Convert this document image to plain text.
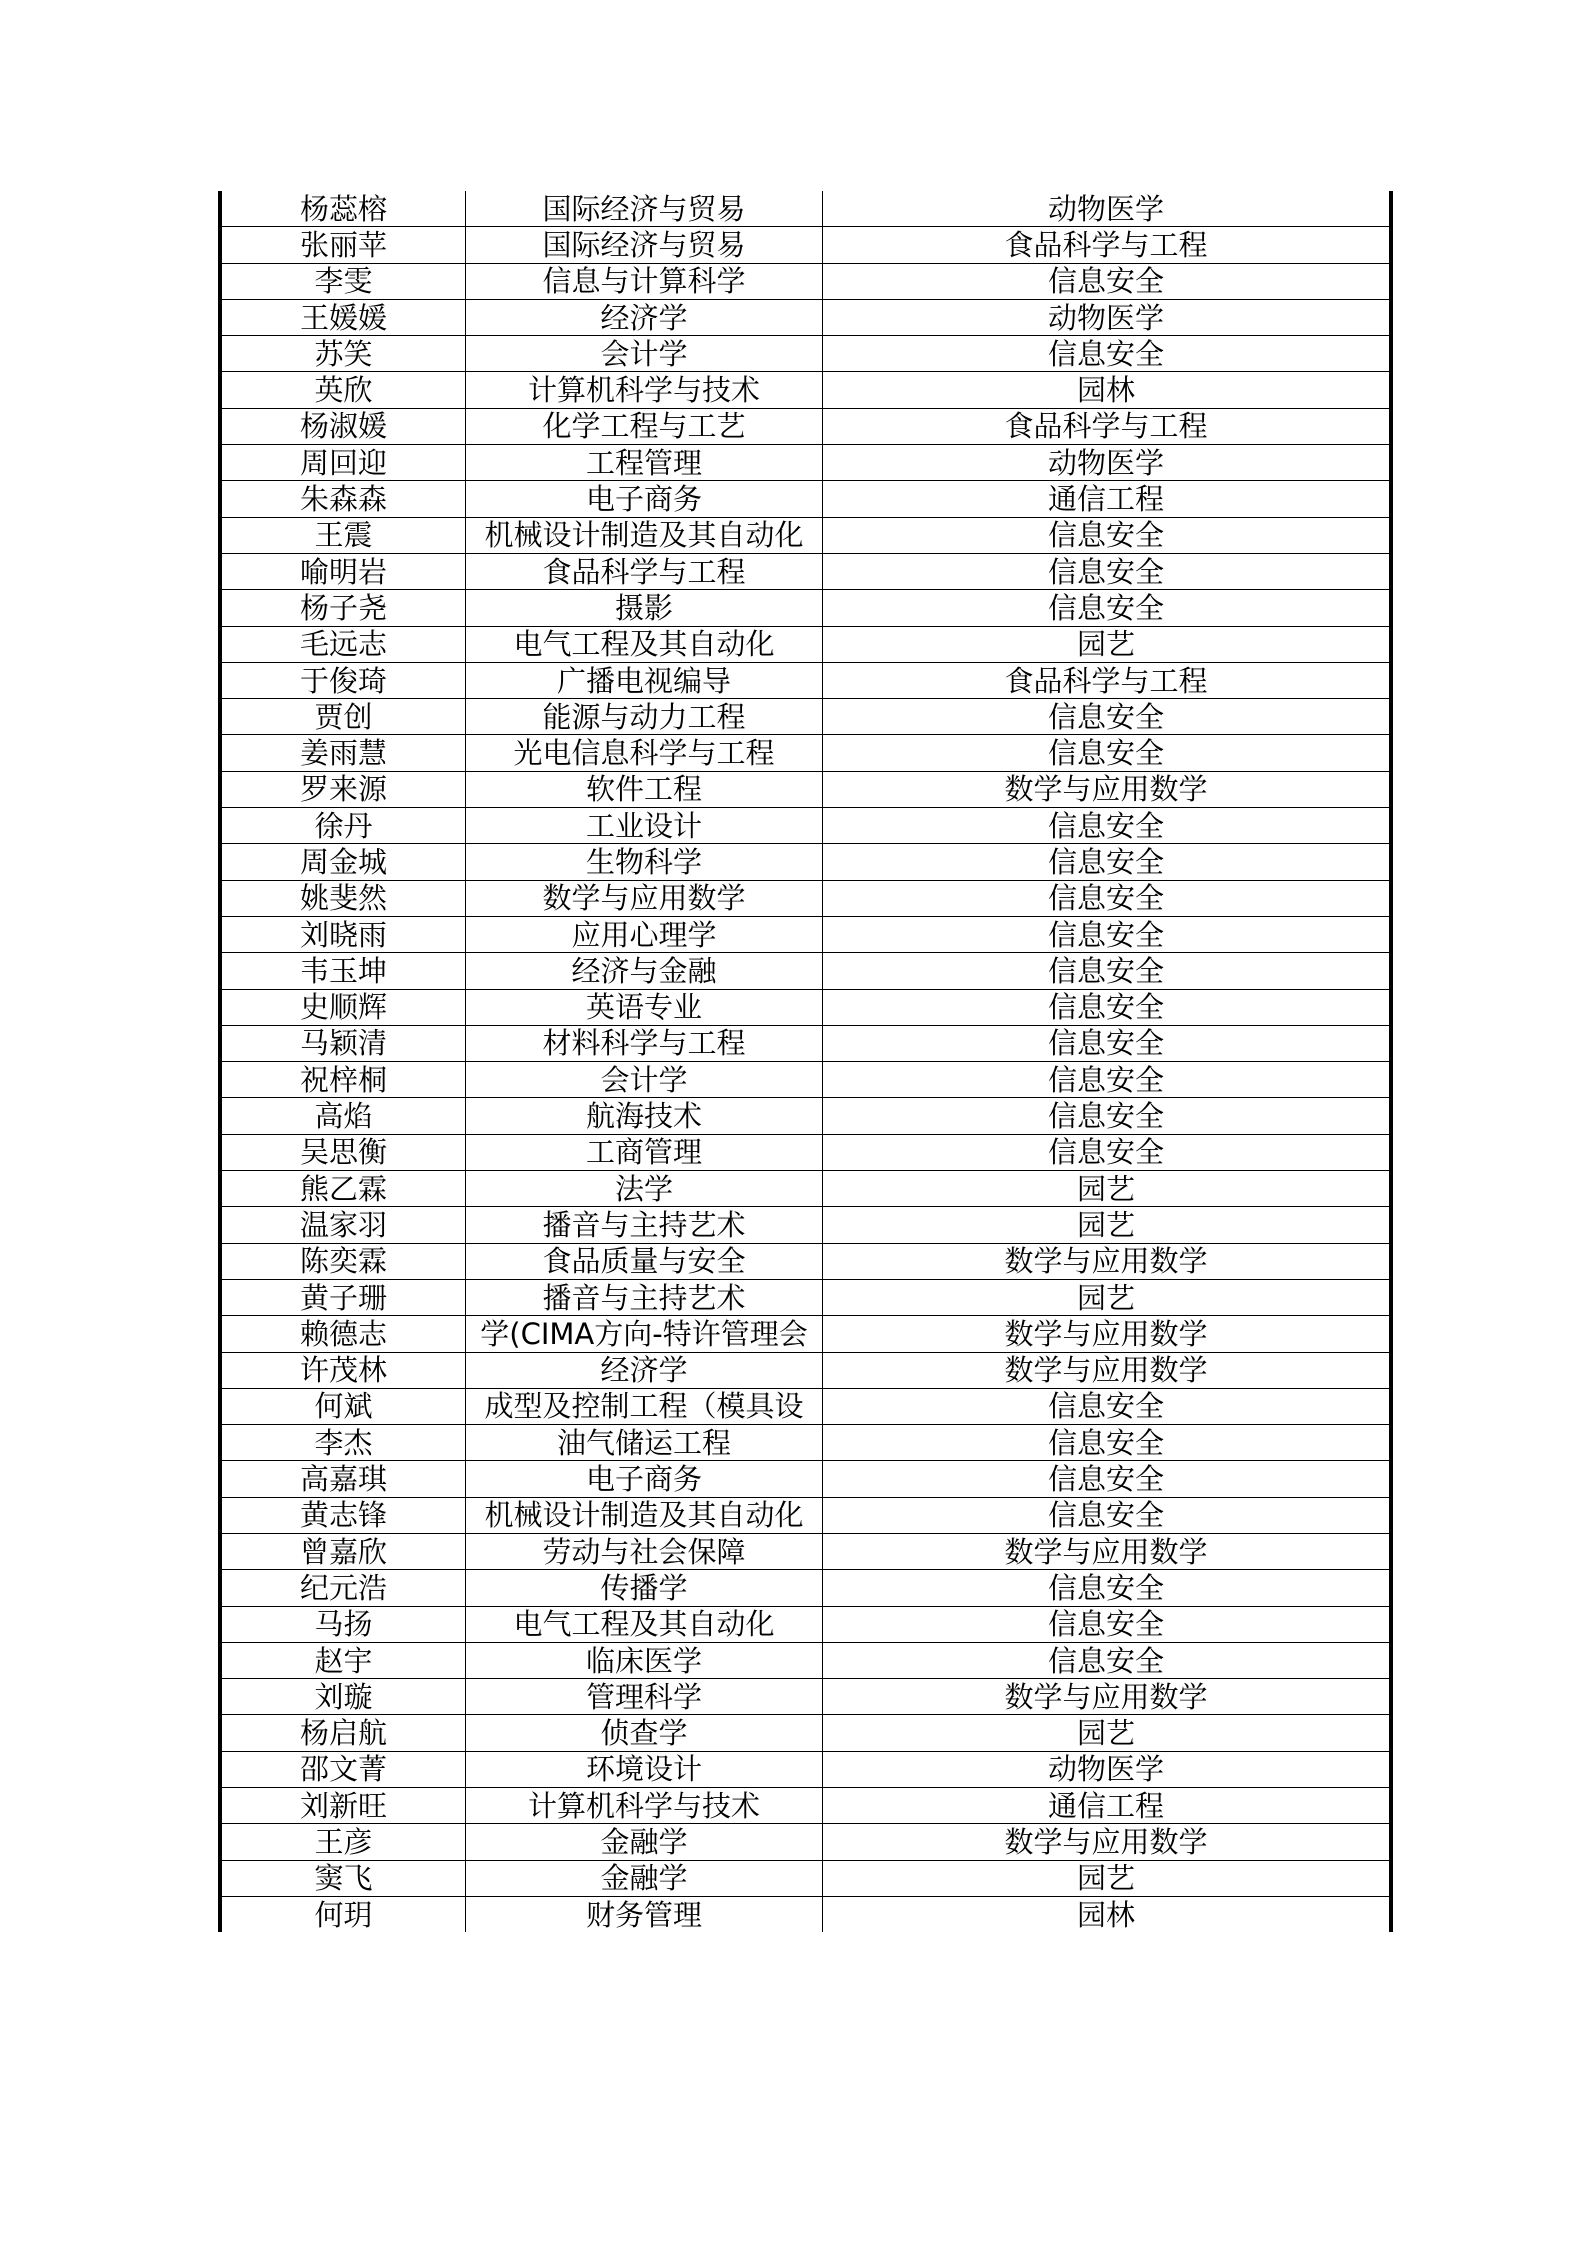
杨蕊榕	国际经济与贸易	动物医学
张丽苹	国际经济与贸易	食品科学与工程
李雯	信息与计算科学	信息安全
王媛媛	经济学	动物医学
苏笑	会计学	信息安全
英欣	计算机科学与技术	园林
杨淑媛	化学工程与工艺	食品科学与工程
周回迎	工程管理	动物医学
朱森森	电子商务	通信工程
王震	机械设计制造及其自动化	信息安全
喻明岩	食品科学与工程	信息安全
杨子尧	摄影	信息安全
毛远志	电气工程及其自动化	园艺
于俊琦	广播电视编导	食品科学与工程
贾创	能源与动力工程	信息安全
姜雨慧	光电信息科学与工程	信息安全
罗来源	软件工程	数学与应用数学
徐丹	工业设计	信息安全
周金城	生物科学	信息安全
姚斐然	数学与应用数学	信息安全
刘晓雨	应用心理学	信息安全
韦玉坤	经济与金融	信息安全
史顺辉	英语专业	信息安全
马颖清	材料科学与工程	信息安全
祝梓桐	会计学	信息安全
高焰	航海技术	信息安全
吴思衡	工商管理	信息安全
熊乙霖	法学	园艺
温家羽	播音与主持艺术	园艺
陈奕霖	食品质量与安全	数学与应用数学
黄子珊	播音与主持艺术	园艺
赖德志	学(CIMA方向-特许管理会	数学与应用数学
许茂林	经济学	数学与应用数学
何斌	成型及控制工程（模具设	信息安全
李杰	油气储运工程	信息安全
高嘉琪	电子商务	信息安全
黄志锋	机械设计制造及其自动化	信息安全
曾嘉欣	劳动与社会保障	数学与应用数学
纪元浩	传播学	信息安全
马扬	电气工程及其自动化	信息安全
赵宇	临床医学	信息安全
刘璇	管理科学	数学与应用数学
杨启航	侦查学	园艺
邵文菁	环境设计	动物医学
刘新旺	计算机科学与技术	通信工程
王彦	金融学	数学与应用数学
窦飞	金融学	园艺
何玥	财务管理	园林
